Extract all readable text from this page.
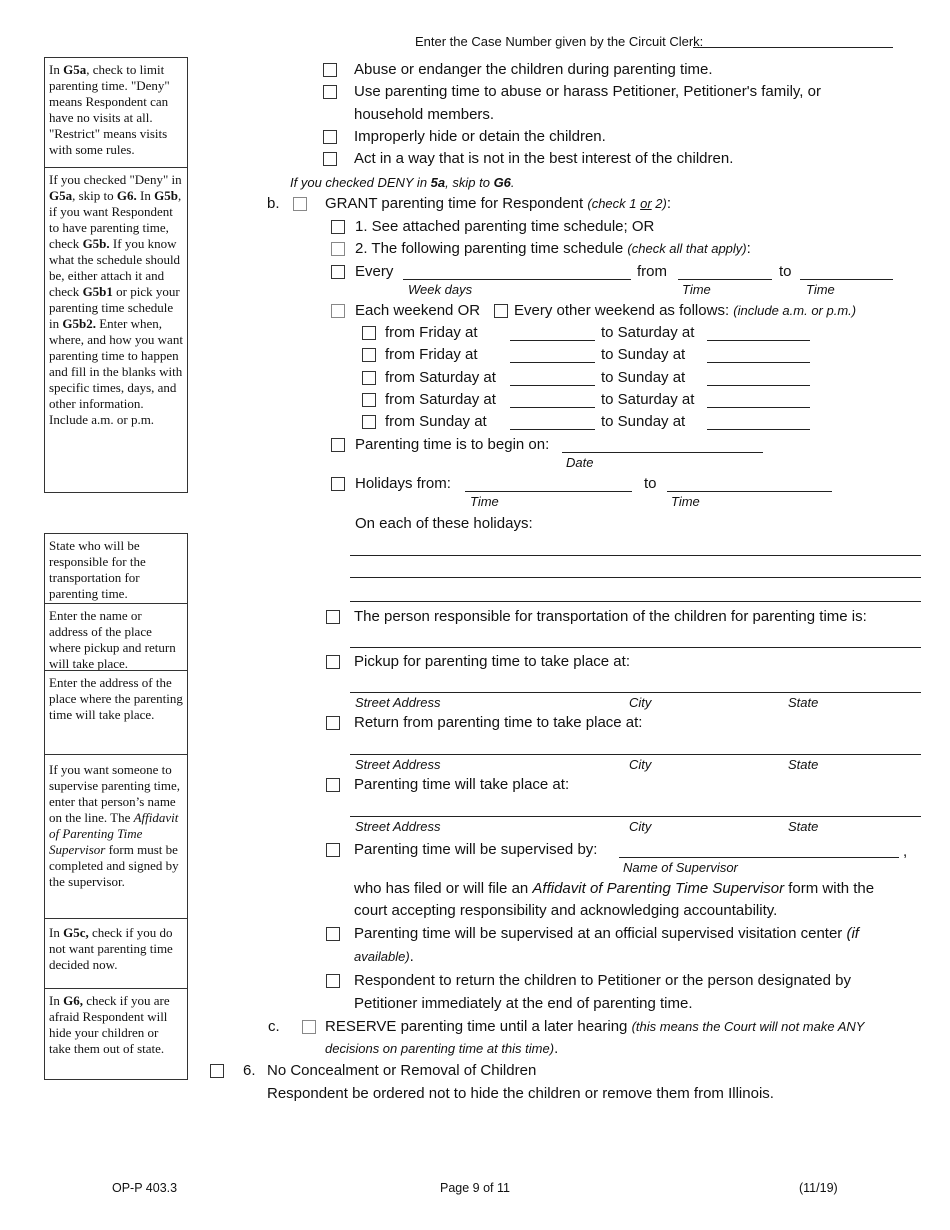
Enter the Case Number given by the Circuit Clerk:
In G5a, check to limit parenting time. "Deny" means Respondent can have no visits at all. "Restrict" means visits with some rules.
If you checked "Deny" in G5a, skip to G6. In G5b, if you want Respondent to have parenting time, check G5b. If you know what the schedule should be, either attach it and check G5b1 or pick your parenting time schedule in G5b2. Enter when, where, and how you want parenting time to happen and fill in the blanks with specific times, days, and other information. Include a.m. or p.m.
State who will be responsible for the transportation for parenting time.
Enter the name or address of the place where pickup and return will take place.
Enter the address of the place where the parenting time will take place.
If you want someone to supervise parenting time, enter that person’s name on the line. The Affidavit of Parenting Time Supervisor form must be completed and signed by the supervisor.
In G5c, check if you do not want parenting time decided now.
In G6, check if you are afraid Respondent will hide your children or take them out of state.
Abuse or endanger the children during parenting time.
Use parenting time to abuse or harass Petitioner, Petitioner's family, or
household members.
Improperly hide or detain the children.
Act in a way that is not in the best interest of the children.
If you checked DENY in 5a, skip to G6.
b.	GRANT parenting time for Respondent (check 1 or 2):
1. See attached parenting time schedule; OR
2. The following parenting time schedule (check all that apply):
Every	from	to
Week days	Time	Time
Each weekend OR Every other weekend as follows: (include a.m. or p.m.)
from Friday at	to Saturday at
from Friday at	to Sunday at
from Saturday at	to Sunday at
from Saturday at	to Saturday at
from Sunday at	to Sunday at
Parenting time is to begin on:
Date
Holidays from:	to
Time	Time
On each of these holidays:
The person responsible for transportation of the children for parenting time is:
Pickup for parenting time to take place at:
Street Address	City	State
Return from parenting time to take place at:
Street Address	City	State
Parenting time will take place at:
Street Address	City	State
Parenting time will be supervised by:	,
Name of Supervisor
who has filed or will file an Affidavit of Parenting Time Supervisor form with the
court accepting responsibility and acknowledging accountability.
Parenting time will be supervised at an official supervised visitation center (if
available).
Respondent to return the children to Petitioner or the person designated by
Petitioner immediately at the end of parenting time.
c.	RESERVE parenting time until a later hearing (this means the Court will not make ANY
decisions on parenting time at this time).
6. No Concealment or Removal of Children
Respondent be ordered not to hide the children or remove them from Illinois.
OP-P 403.3	Page 9 of 11	(11/19)
